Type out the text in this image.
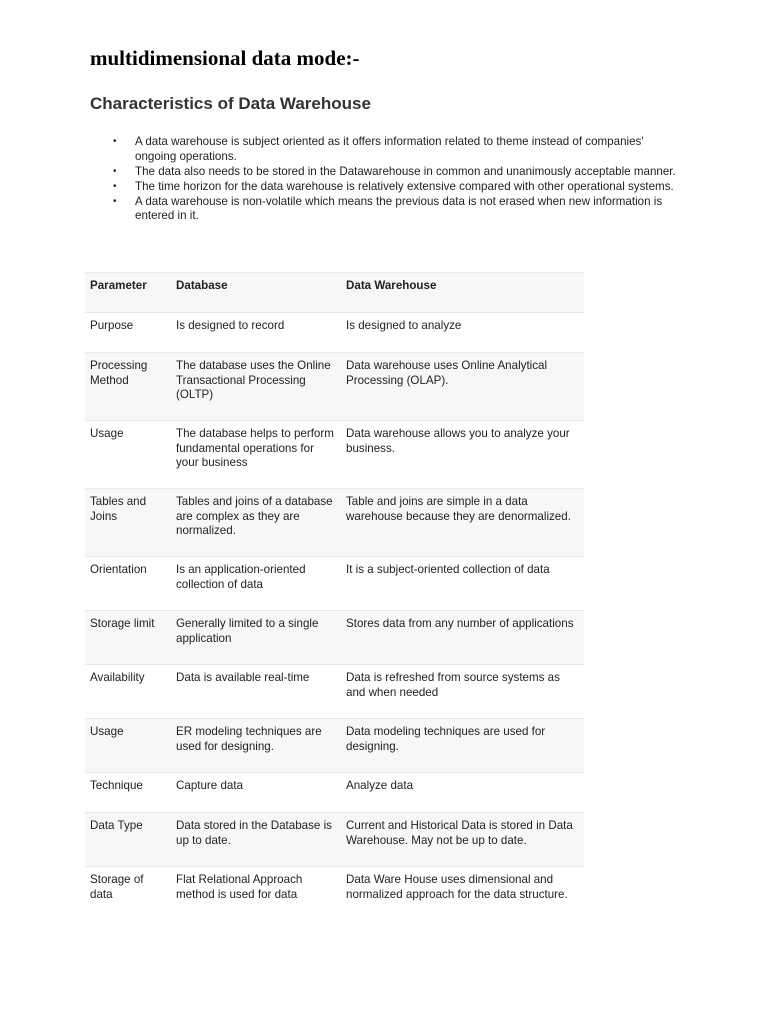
multidimensional data mode:-
Characteristics of Data Warehouse
• A data warehouse is subject oriented as it offers information related to theme instead of companies' ongoing operations.
• The data also needs to be stored in the Datawarehouse in common and unanimously acceptable manner.
• The time horizon for the data warehouse is relatively extensive compared with other operational systems.
• A data warehouse is non-volatile which means the previous data is not erased when new information is entered in it.
Parameter	Database	Data Warehouse
Purpose	Is designed to record	Is designed to analyze
Processing Method	The database uses the Online Transactional Processing (OLTP)	Data warehouse uses Online Analytical Processing (OLAP).
Usage	The database helps to perform fundamental operations for your business	Data warehouse allows you to analyze your business.
Tables and Joins	Tables and joins of a database are complex as they are normalized.	Table and joins are simple in a data warehouse because they are denormalized.
Orientation	Is an application-oriented collection of data	It is a subject-oriented collection of data
Storage limit	Generally limited to a single application	Stores data from any number of applications
Availability	Data is available real-time	Data is refreshed from source systems as and when needed
Usage	ER modeling techniques are used for designing.	Data modeling techniques are used for designing.
Technique	Capture data	Analyze data
Data Type	Data stored in the Database is up to date.	Current and Historical Data is stored in Data Warehouse. May not be up to date.
Storage of data	Flat Relational Approach method is used for data	Data Ware House uses dimensional and normalized approach for the data structure.
